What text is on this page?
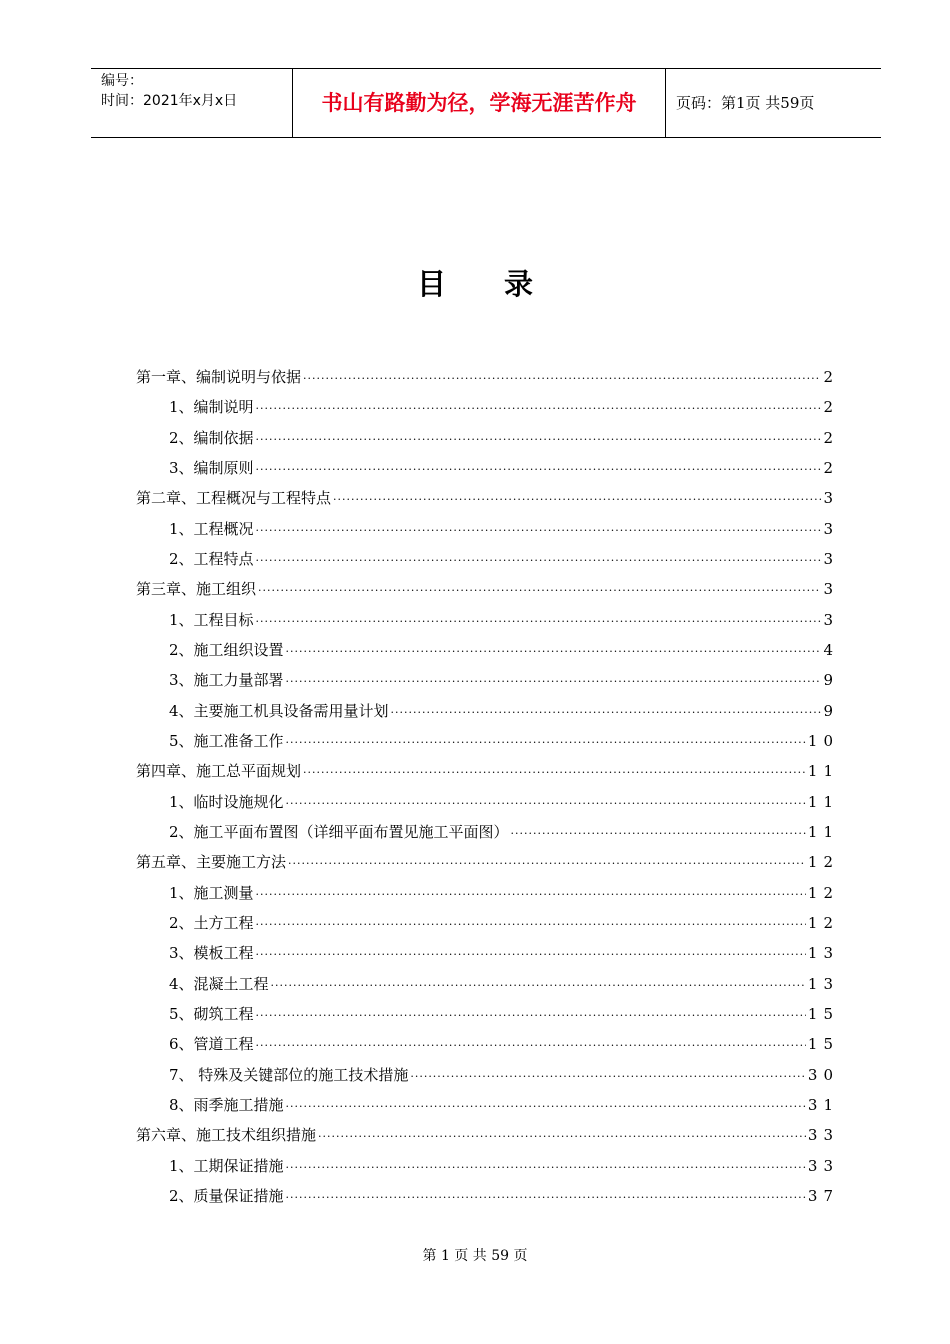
编号：
时间：2021年x月x日	书山有路勤为径，学海无涯苦作舟	页码：第1页 共59页
目 录
第一章、编制说明与依据 ·····	2
1、编制说明 ·····	2
2、编制依据 ·····	2
3、编制原则 ·····	2
第二章、工程概况与工程特点 ·····	3
1、工程概况 ·····	3
2、工程特点 ·····	3
第三章、施工组织 ·····	3
1、工程目标 ·····	3
2、施工组织设置 ·····	4
3、施工力量部署 ·····	9
4、主要施工机具设备需用量计划 ·····	9
5、施工准备工作 ·····	10
第四章、施工总平面规划 ·····	11
1、临时设施规化 ·····	11
2、施工平面布置图（详细平面布置见施工平面图） ·····	11
第五章、主要施工方法 ·····	12
1、施工测量 ·····	12
2、土方工程 ·····	12
3、模板工程 ·····	13
4、混凝土工程 ·····	13
5、砌筑工程 ·····	15
6、管道工程 ·····	15
7、 特殊及关键部位的施工技术措施 ·····	30
8、雨季施工措施 ·····	31
第六章、施工技术组织措施 ·····	33
1、工期保证措施 ·····	33
2、质量保证措施 ·····	37
第 1 页 共 59 页
